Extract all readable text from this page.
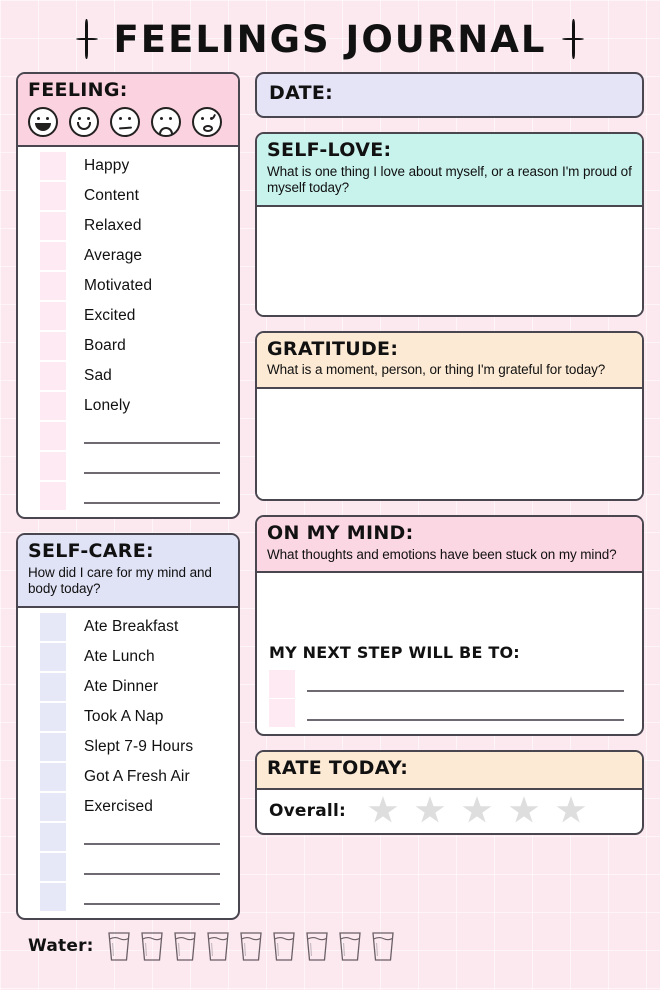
FEELINGS JOURNAL
FEELING:
Happy
Content
Relaxed
Average
Motivated
Excited
Board
Sad
Lonely
SELF-CARE:
How did I care for my mind and body today?
Ate Breakfast
Ate Lunch
Ate Dinner
Took A Nap
Slept 7-9 Hours
Got A Fresh Air
Exercised
DATE:
SELF-LOVE:
What is one thing I love about myself, or a reason I'm proud of myself today?
GRATITUDE:
What is a moment, person, or thing I'm grateful for today?
ON MY MIND:
What thoughts and emotions have been stuck on my mind?
MY NEXT STEP WILL BE TO:
RATE TODAY:
Overall:
Water:
